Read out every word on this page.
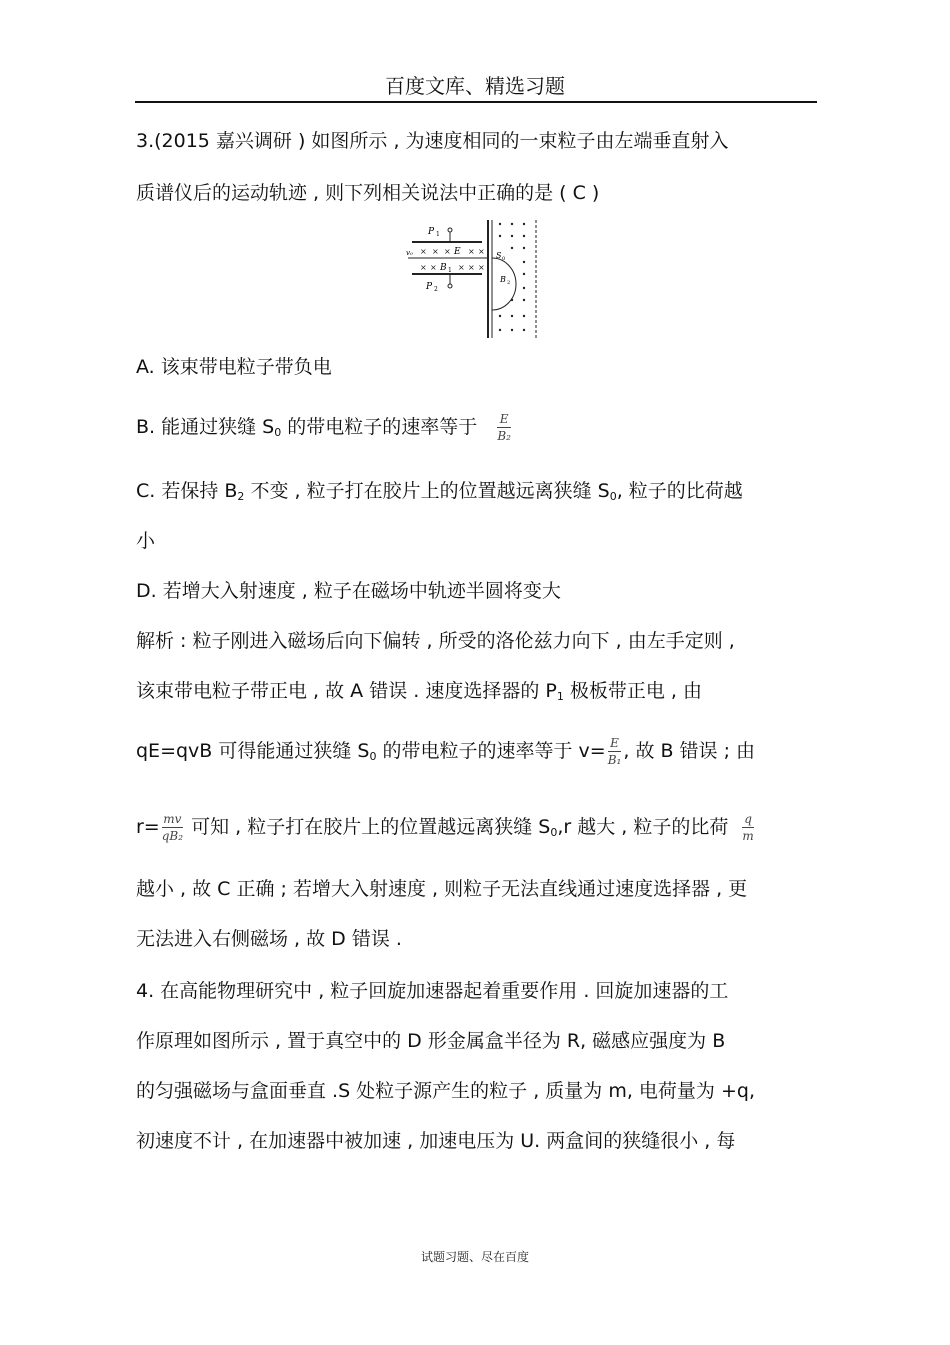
百度文库、精选习题
3.(2015 嘉兴调研 ) 如图所示 , 为速度相同的一束粒子由左端垂直射入
质谱仪后的运动轨迹 , 则下列相关说法中正确的是 ( C )
P 1
P 2
v₀ × × × × ×
× ×	× × ×
E
B 1
S 0
B 2
A. 该束带电粒子带负电
B. 能通过狭缝 $S_0$ 的带电粒子的速率等于 $\frac{E}{\text{B₂}}$
C. 若保持 $B_2$ 不变 , 粒子打在胶片上的位置越远离狭缝 $S_0$, 粒子的比荷越
小
D. 若增大入射速度 , 粒子在磁场中轨迹半圆将变大
解析 : 粒子刚进入磁场后向下偏转 , 所受的洛伦兹力向下 , 由左手定则 ,
该束带电粒子带正电 , 故 A 错误 . 速度选择器的 $P_1$ 极板带正电 , 由
qE=qvB 可得能通过狭缝 $S_0$ 的带电粒子的速率等于 $v= \frac{E}{\text{B₁}}$ , 故 B 错误 ; 由
$r= \frac{mv}{\text{qB₂}}$ 可知 , 粒子打在胶片上的位置越远离狭缝 $S_0,r$ 越大 , 粒子的比荷 $\frac{q}{m}$
越小 , 故 C 正确 ; 若增大入射速度 , 则粒子无法直线通过速度选择器 , 更
无法进入右侧磁场 , 故 D 错误 .
4. 在高能物理研究中 , 粒子回旋加速器起着重要作用 . 回旋加速器的工
作原理如图所示 , 置于真空中的 D 形金属盒半径为 R, 磁感应强度为 B
的匀强磁场与盒面垂直 .S 处粒子源产生的粒子 , 质量为 m, 电荷量为 +q,
初速度不计 , 在加速器中被加速 , 加速电压为 U. 两盒间的狭缝很小 , 每
试题习题、尽在百度
